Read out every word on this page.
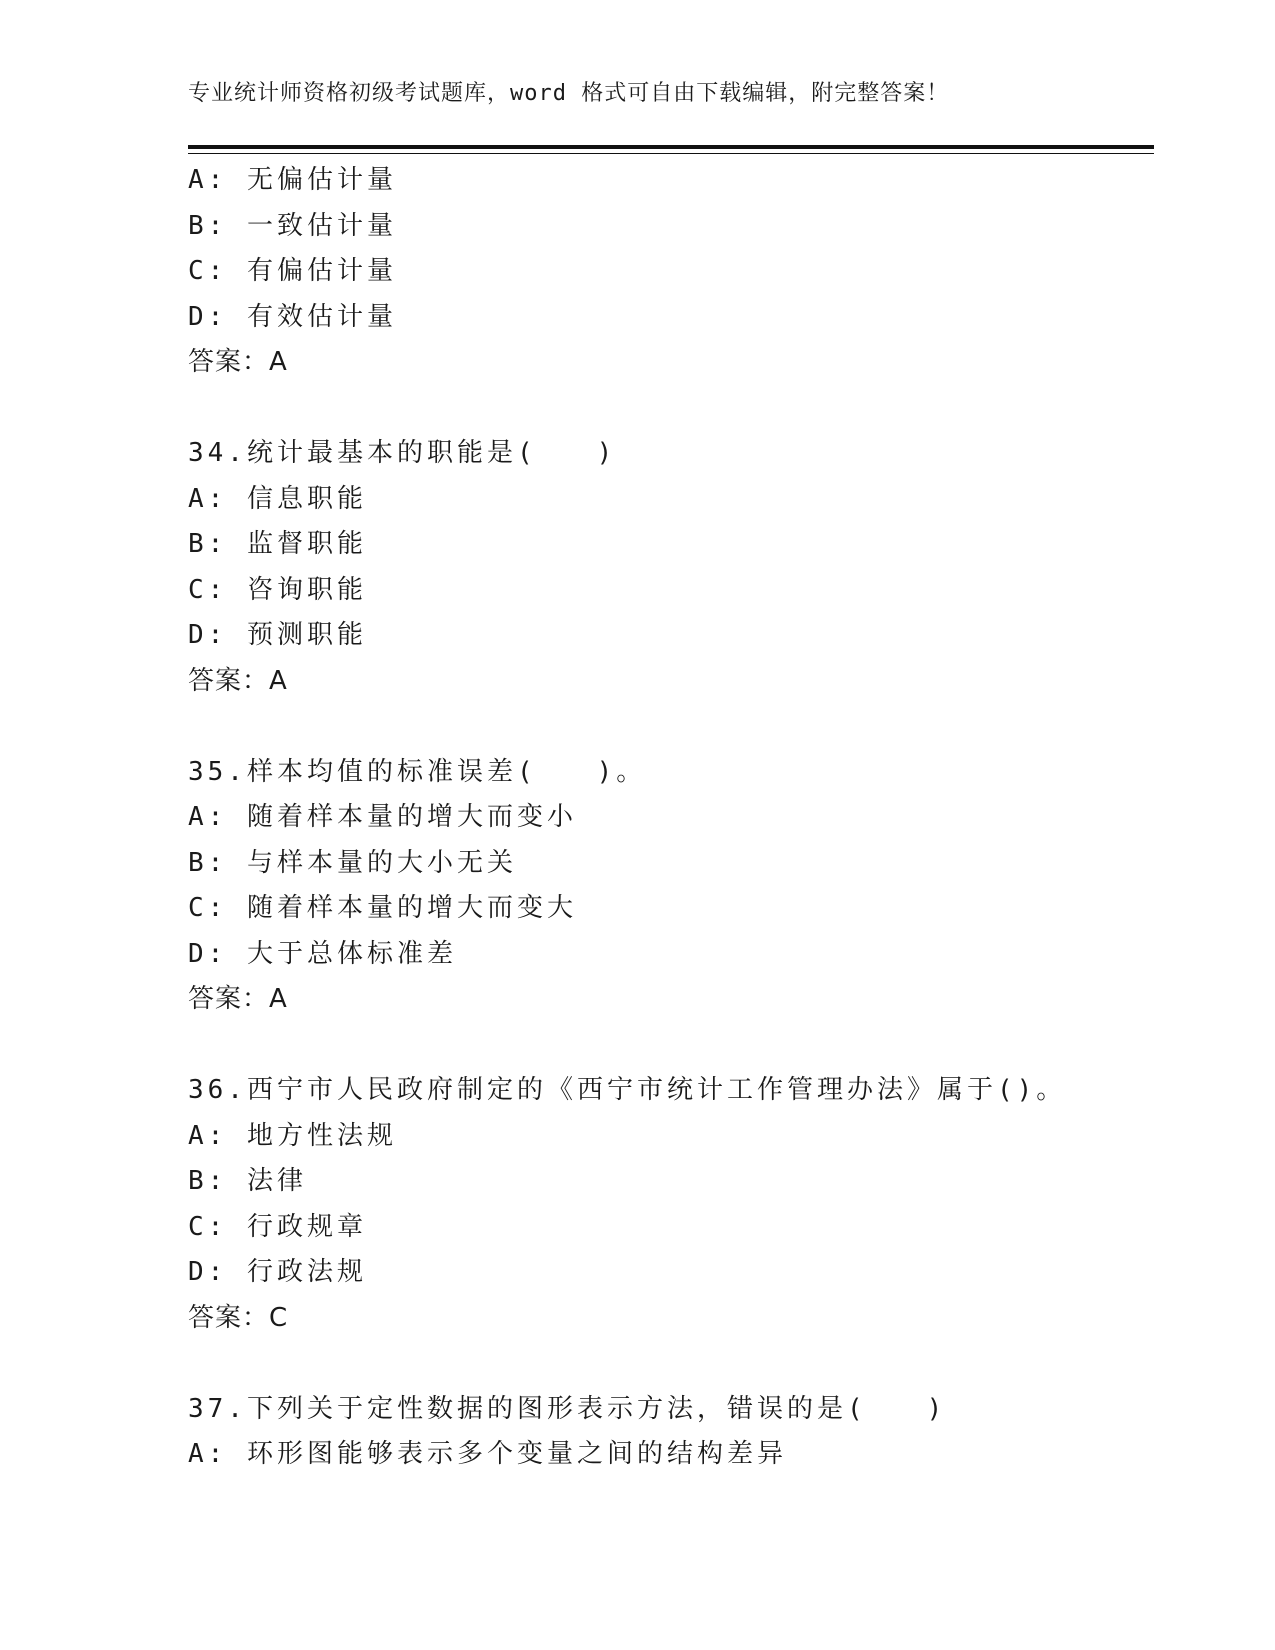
专业统计师资格初级考试题库，word 格式可自由下载编辑，附完整答案！
A: 无偏估计量
B: 一致估计量
C: 有偏估计量
D: 有效估计量
答案：A
34.统计最基本的职能是(　　)
A: 信息职能
B: 监督职能
C: 咨询职能
D: 预测职能
答案：A
35.样本均值的标准误差(　　)。
A: 随着样本量的增大而变小
B: 与样本量的大小无关
C: 随着样本量的增大而变大
D: 大于总体标准差
答案：A
36.西宁市人民政府制定的《西宁市统计工作管理办法》属于()。
A: 地方性法规
B: 法律
C: 行政规章
D: 行政法规
答案：C
37.下列关于定性数据的图形表示方法，错误的是(　　)
A: 环形图能够表示多个变量之间的结构差异
